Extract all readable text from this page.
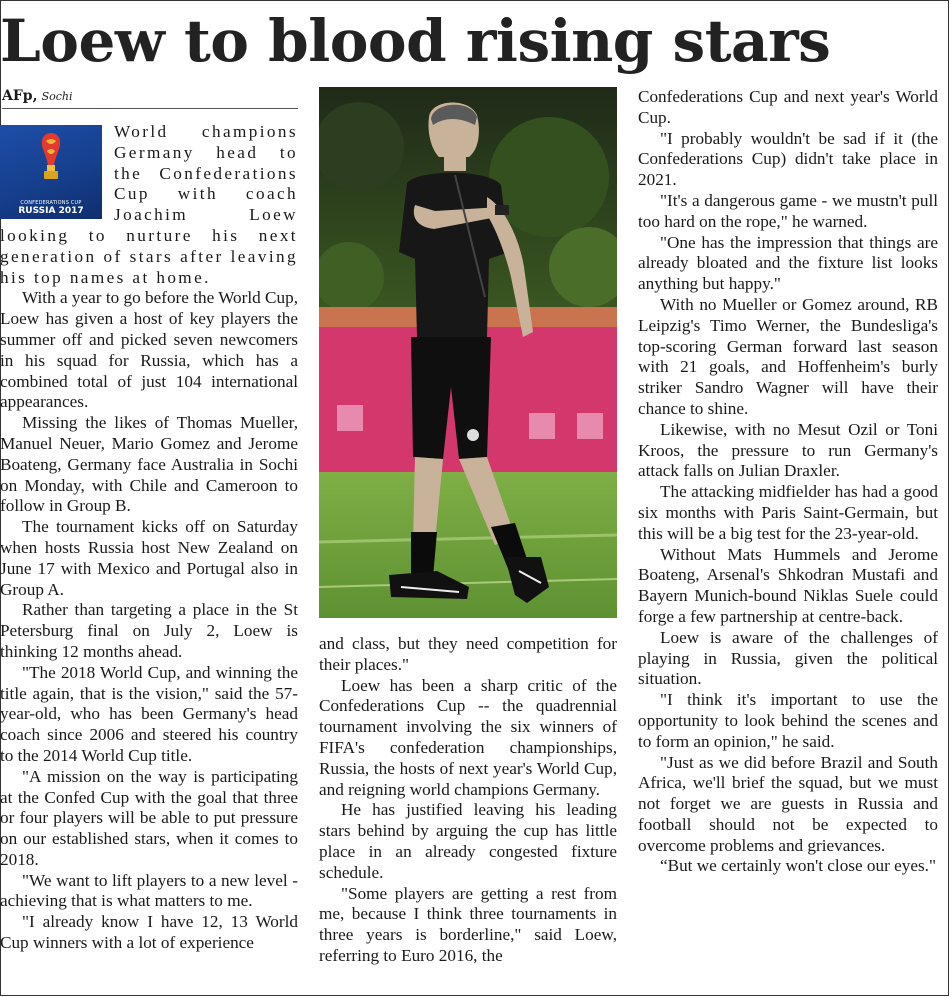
Loew to blood rising stars
AFp, Sochi
CONFEDERATIONS CUP
RUSSIA 2017

World champions Germany head to the Confederations Cup with coach Joachim Loew looking to nurture his next generation of stars after leaving his top names at home.

With a year to go before the World Cup, Loew has given a host of key players the summer off and picked seven newcomers in his squad for Russia, which has a combined total of just 104 international appearances.

Missing the likes of Thomas Mueller, Manuel Neuer, Mario Gomez and Jerome Boateng, Germany face Australia in Sochi on Monday, with Chile and Cameroon to follow in Group B.

The tournament kicks off on Saturday when hosts Russia host New Zealand on June 17 with Mexico and Portugal also in Group A.

Rather than targeting a place in the St Petersburg final on July 2, Loew is thinking 12 months ahead.

"The 2018 World Cup, and winning the title again, that is the vision," said the 57-year-old, who has been Germany's head coach since 2006 and steered his country to the 2014 World Cup title.

"A mission on the way is participating at the Confed Cup with the goal that three or four players will be able to put pressure on our established stars, when it comes to 2018.

"We want to lift players to a new level - achieving that is what matters to me.

"I already know I have 12, 13 World Cup winners with a lot of experience

and class, but they need competition for their places."

Loew has been a sharp critic of the Confederations Cup -- the quadrennial tournament involving the six winners of FIFA's confederation championships, Russia, the hosts of next year's World Cup, and reigning world champions Germany.

He has justified leaving his leading stars behind by arguing the cup has little place in an already congested fixture schedule.

"Some players are getting a rest from me, because I think three tournaments in three years is borderline," said Loew, referring to Euro 2016, the

Confederations Cup and next year's World Cup.

"I probably wouldn't be sad if it (the Confederations Cup) didn't take place in 2021.

"It's a dangerous game - we mustn't pull too hard on the rope," he warned.

"One has the impression that things are already bloated and the fixture list looks anything but happy."

With no Mueller or Gomez around, RB Leipzig's Timo Werner, the Bundesliga's top-scoring German forward last season with 21 goals, and Hoffenheim's burly striker Sandro Wagner will have their chance to shine.

Likewise, with no Mesut Ozil or Toni Kroos, the pressure to run Germany's attack falls on Julian Draxler.

The attacking midfielder has had a good six months with Paris Saint-Germain, but this will be a big test for the 23-year-old.

Without Mats Hummels and Jerome Boateng, Arsenal's Shkodran Mustafi and Bayern Munich-bound Niklas Suele could forge a few partnership at centre-back.

Loew is aware of the challenges of playing in Russia, given the political situation.

"I think it's important to use the opportunity to look behind the scenes and to form an opinion," he said.

"Just as we did before Brazil and South Africa, we'll brief the squad, but we must not forget we are guests in Russia and football should not be expected to overcome problems and grievances.

“But we certainly won't close our eyes."
